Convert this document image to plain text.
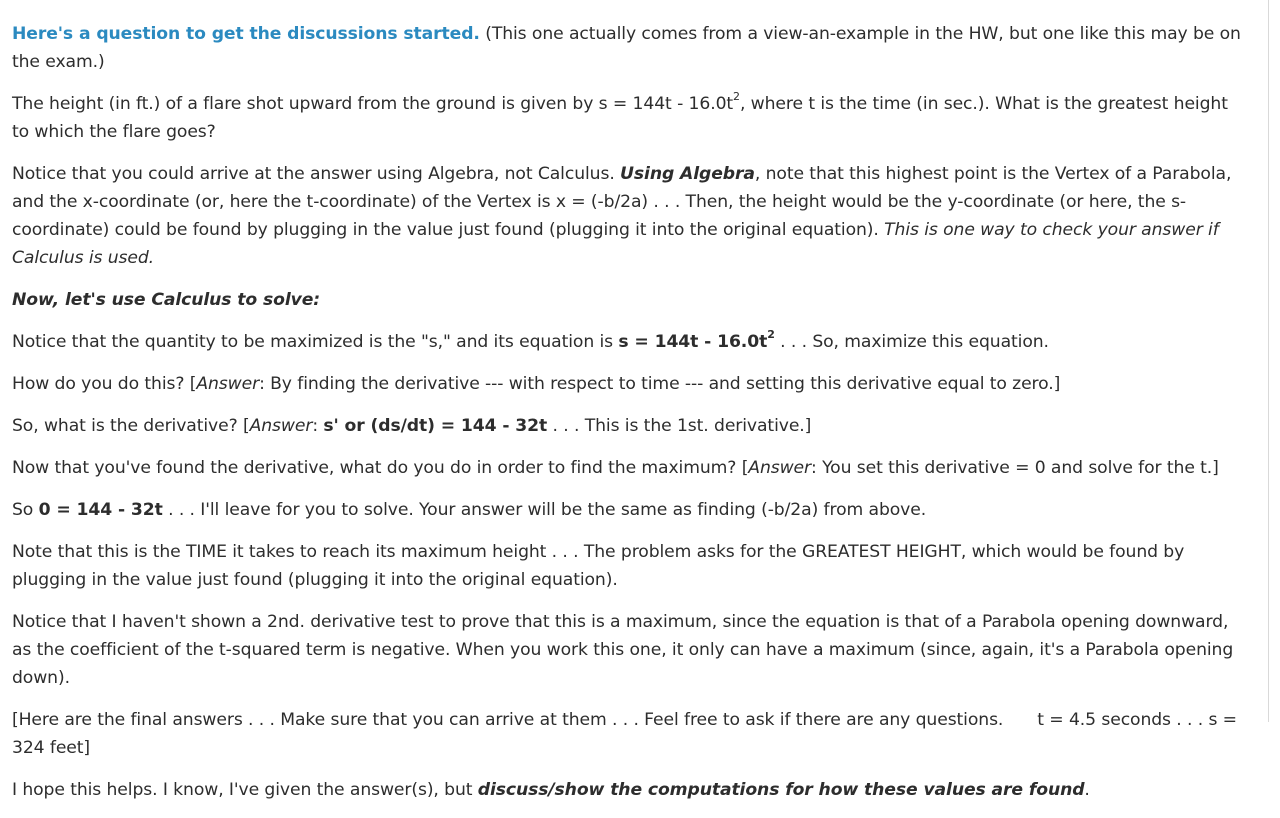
Here's a question to get the discussions started. (This one actually comes from a view-an-example in the HW, but one like this may be on the exam.)

The height (in ft.) of a flare shot upward from the ground is given by $s = 144t - 16.0t^2$, where t is the time (in sec.). What is the greatest height to which the flare goes?

Notice that you could arrive at the answer using Algebra, not Calculus. Using Algebra, note that this highest point is the Vertex of a Parabola, and the x-coordinate (or, here the t-coordinate) of the Vertex is x = (-b/2a) . . . Then, the height would be the y-coordinate (or here, the s-coordinate) could be found by plugging in the value just found (plugging it into the original equation). This is one way to check your answer if Calculus is used.

Now, let's use Calculus to solve:

Notice that the quantity to be maximized is the "s," and its equation is $s = 144t - 16.0t^2$ . . . So, maximize this equation.

How do you do this? [Answer: By finding the derivative --- with respect to time --- and setting this derivative equal to zero.]

So, what is the derivative? [Answer: s' or (ds/dt) = 144 - 32t . . . This is the 1st. derivative.]

Now that you've found the derivative, what do you do in order to find the maximum? [Answer: You set this derivative = 0 and solve for the t.]

So 0 = 144 - 32t . . . I'll leave for you to solve. Your answer will be the same as finding (-b/2a) from above.

Note that this is the TIME it takes to reach its maximum height . . . The problem asks for the GREATEST HEIGHT, which would be found by plugging in the value just found (plugging it into the original equation).

Notice that I haven't shown a 2nd. derivative test to prove that this is a maximum, since the equation is that of a Parabola opening downward, as the coefficient of the t-squared term is negative. When you work this one, it only can have a maximum (since, again, it's a Parabola opening down).

[Here are the final answers . . . Make sure that you can arrive at them . . . Feel free to ask if there are any questions. t = 4.5 seconds . . . s = 324 feet]

I hope this helps. I know, I've given the answer(s), but discuss/show the computations for how these values are found.
